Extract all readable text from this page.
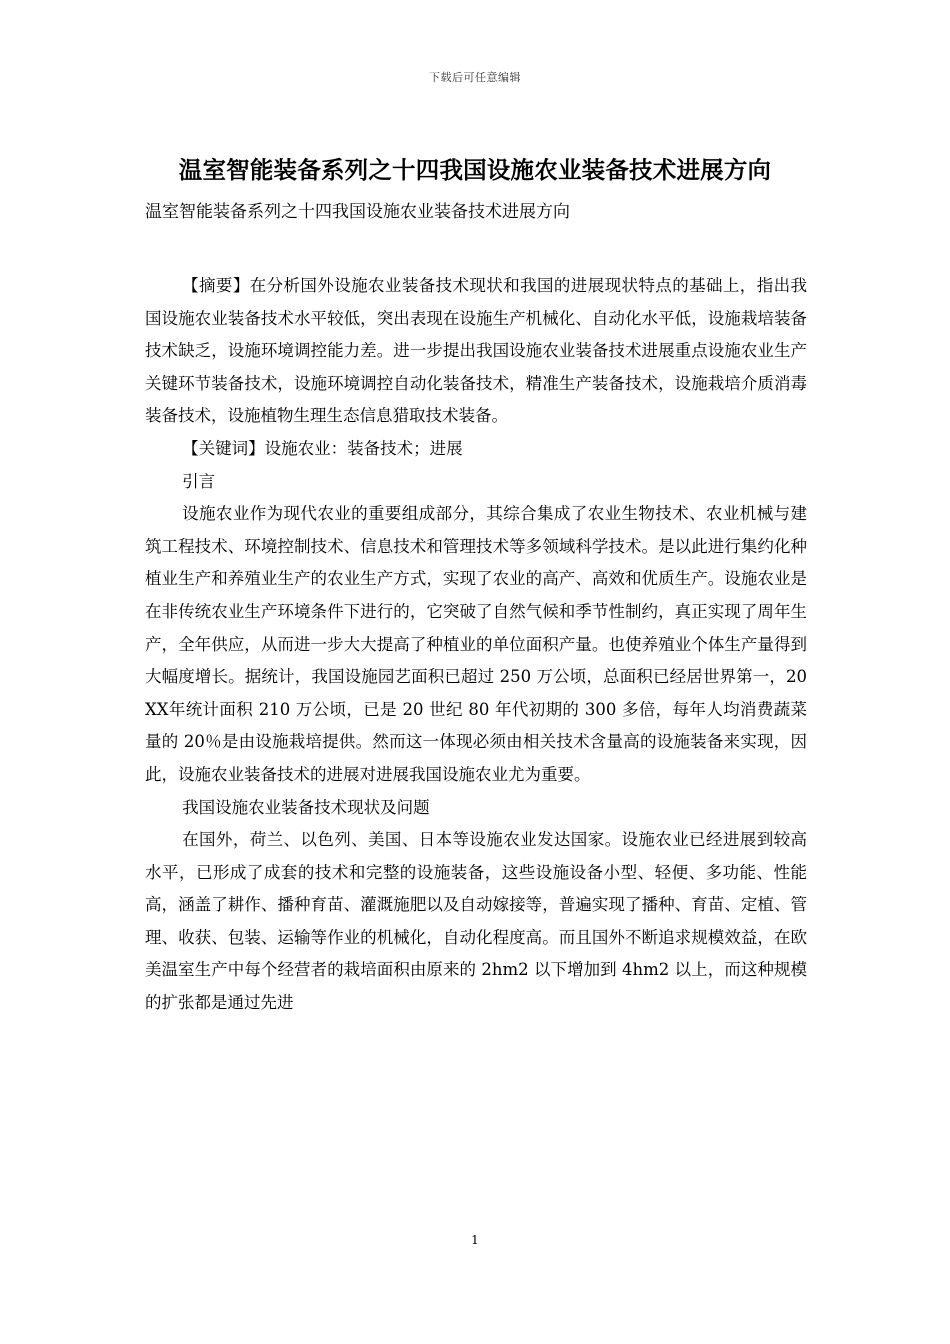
下载后可任意编辑
温室智能装备系列之十四我国设施农业装备技术进展方向
温室智能装备系列之十四我国设施农业装备技术进展方向

【摘要】在分析国外设施农业装备技术现状和我国的进展现状特点的基础上，指出我国设施农业装备技术水平较低，突出表现在设施生产机械化、自动化水平低，设施栽培装备技术缺乏，设施环境调控能力差。进一步提出我国设施农业装备技术进展重点设施农业生产关键环节装备技术，设施环境调控自动化装备技术，精准生产装备技术，设施栽培介质消毒装备技术，设施植物生理生态信息猎取技术装备。

【关键词】设施农业：装备技术；进展

引言

设施农业作为现代农业的重要组成部分，其综合集成了农业生物技术、农业机械与建筑工程技术、环境控制技术、信息技术和管理技术等多领域科学技术。是以此进行集约化种植业生产和养殖业生产的农业生产方式，实现了农业的高产、高效和优质生产。设施农业是在非传统农业生产环境条件下进行的，它突破了自然气候和季节性制约，真正实现了周年生产，全年供应，从而进一步大大提高了种植业的单位面积产量。也使养殖业个体生产量得到大幅度增长。据统计，我国设施园艺面积已超过 250 万公顷，总面积已经居世界第一，20XX年统计面积 210 万公顷，已是 20 世纪 80 年代初期的 300 多倍，每年人均消费蔬菜量的 20％是由设施栽培提供。然而这一体现必须由相关技术含量高的设施装备来实现，因此，设施农业装备技术的进展对进展我国设施农业尤为重要。

我国设施农业装备技术现状及问题

在国外，荷兰、以色列、美国、日本等设施农业发达国家。设施农业已经进展到较高水平，已形成了成套的技术和完整的设施装备，这些设施设备小型、轻便、多功能、性能高，涵盖了耕作、播种育苗、灌溉施肥以及自动嫁接等，普遍实现了播种、育苗、定植、管理、收获、包装、运输等作业的机械化，自动化程度高。而且国外不断追求规模效益，在欧美温室生产中每个经营者的栽培面积由原来的 2hm2 以下增加到 4hm2 以上，而这种规模的扩张都是通过先进

1
